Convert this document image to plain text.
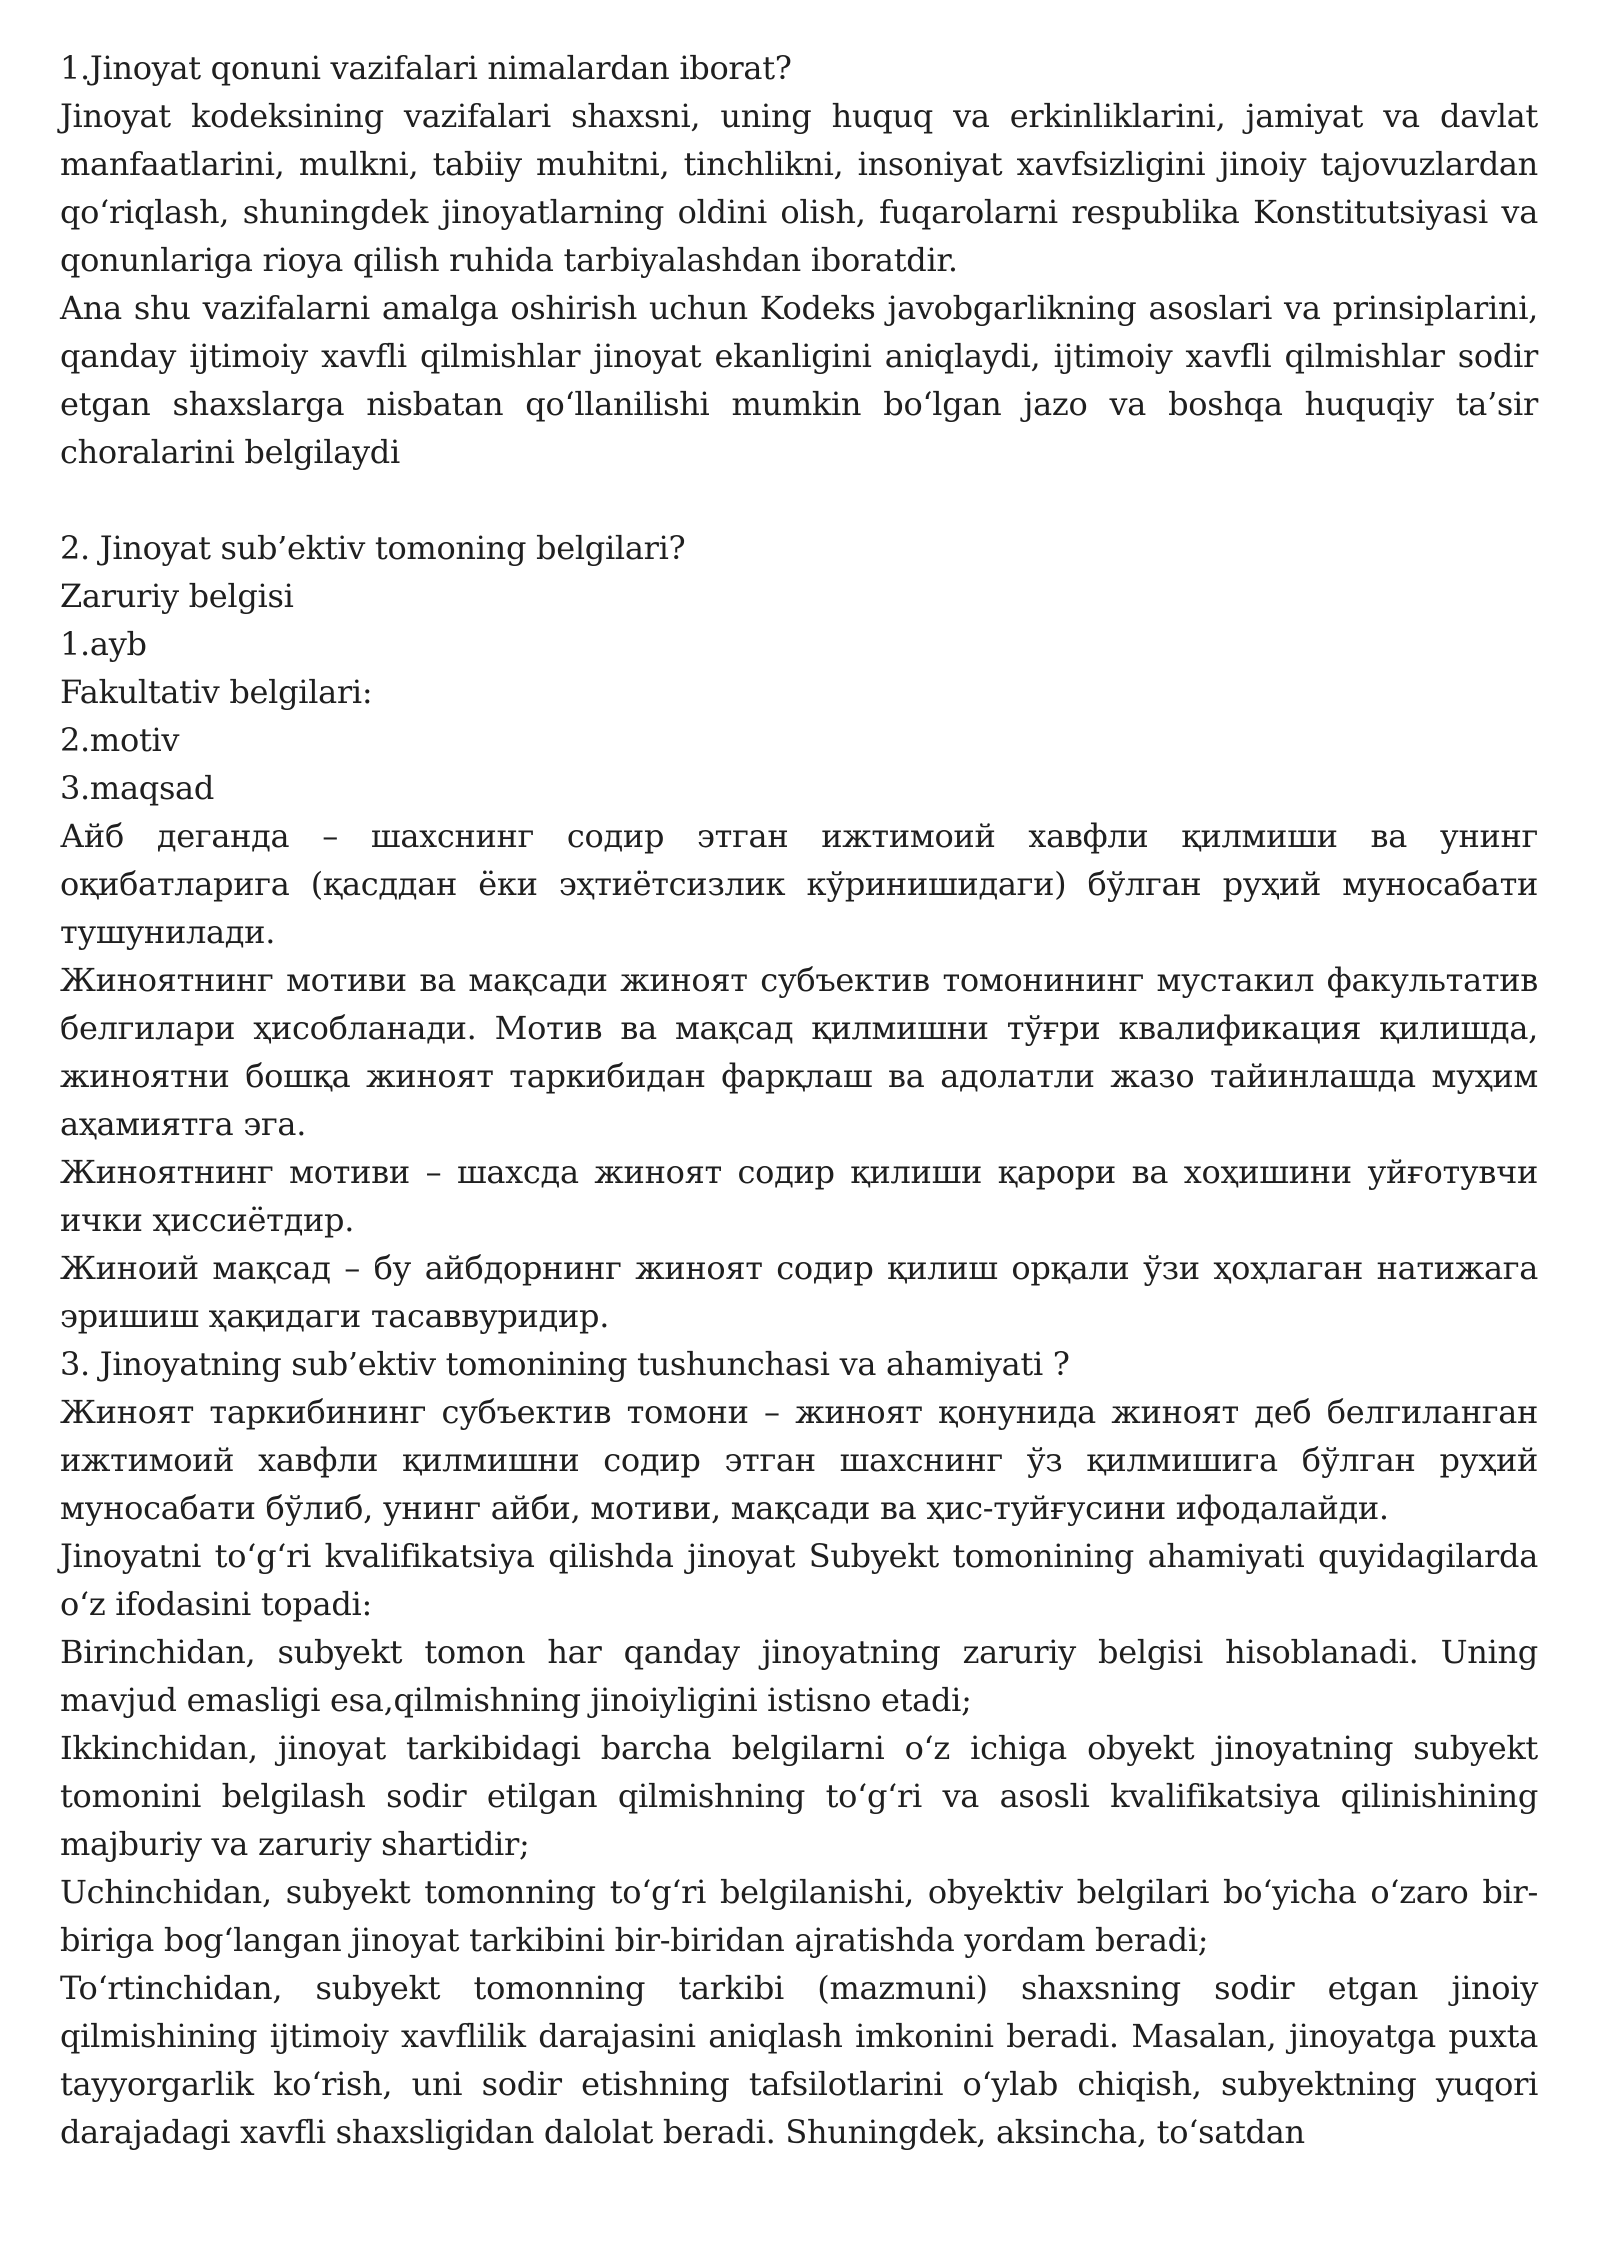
1.Jinoyat qonuni vazifalari nimalardan iborat?

Jinoyat kodeksining vazifalari shaxsni, uning huquq va erkinliklarini, jamiyat va davlat manfaatlarini, mulkni, tabiiy muhitni, tinchlikni, insoniyat xavfsizligini jinoiy tajovuzlardan qo‘riqlash, shuningdek jinoyatlarning oldini olish, fuqarolarni respublika Konstitutsiyasi va qonunlariga rioya qilish ruhida tarbiyalashdan iboratdir.

Ana shu vazifalarni amalga oshirish uchun Kodeks javobgarlikning asoslari va prinsiplarini, qanday ijtimoiy xavfli qilmishlar jinoyat ekanligini aniqlaydi, ijtimoiy xavfli qilmishlar sodir etgan shaxslarga nisbatan qo‘llanilishi mumkin bo‘lgan jazo va boshqa huquqiy ta’sir choralarini belgilaydi

2. Jinoyat sub’ektiv tomoning belgilari?

Zaruriy belgisi

1.ayb

Fakultativ belgilari:

2.motiv

3.maqsad

Айб деганда – шахснинг содир этган ижтимоий хавфли қилмиши ва унинг оқибатларига (қасддан ёки эҳтиётсизлик кўринишидаги) бўлган руҳий муносабати тушунилади.

Жиноятнинг мотиви ва мақсади жиноят субъектив томонининг мустакил факультатив белгилари ҳисобланади. Мотив ва мақсад қилмишни тўғри квалификация қилишда, жиноятни бошқа жиноят таркибидан фарқлаш ва адолатли жазо тайинлашда муҳим аҳамиятга эга.

Жиноятнинг мотиви – шахсда жиноят содир қилиши қарори ва хоҳишини уйғотувчи ички ҳиссиётдир.

Жиноий мақсад – бу айбдорнинг жиноят содир қилиш орқали ўзи ҳоҳлаган натижага эришиш ҳақидаги тасаввуридир.

3. Jinoyatning sub’ektiv tomonining tushunchasi va ahamiyati ?

Жиноят таркибининг субъектив томони – жиноят қонунида жиноят деб белгиланган ижтимоий хавфли қилмишни содир этган шахснинг ўз қилмишига бўлган руҳий муносабати бўлиб, унинг айби, мотиви, мақсади ва ҳис-туйғусини ифодалайди.

Jinoyatni to‘g‘ri kvalifikatsiya qilishda jinoyat Subyekt tomonining ahamiyati quyidagilarda o‘z ifodasini topadi:

Birinchidan, subyekt tomon har qanday jinoyatning zaruriy belgisi hisoblanadi. Uning mavjud emasligi esa,qilmishning jinoiyligini istisno etadi;

Ikkinchidan, jinoyat tarkibidagi barcha belgilarni o‘z ichiga obyekt jinoyatning subyekt tomonini belgilash sodir etilgan qilmishning to‘g‘ri va asosli kvalifikatsiya qilinishining majburiy va zaruriy shartidir;

Uchinchidan, subyekt tomonning to‘g‘ri belgilanishi, obyektiv belgilari bo‘yicha o‘zaro bir-biriga bog‘langan jinoyat tarkibini bir-biridan ajratishda yordam beradi;

To‘rtinchidan, subyekt tomonning tarkibi (mazmuni) shaxsning sodir etgan jinoiy qilmishining ijtimoiy xavflilik darajasini aniqlash imkonini beradi. Masalan, jinoyatga puxta tayyorgarlik ko‘rish, uni sodir etishning tafsilotlarini o‘ylab chiqish, subyektning yuqori darajadagi xavfli shaxsligidan dalolat beradi. Shuningdek, aksincha, to‘satdan
